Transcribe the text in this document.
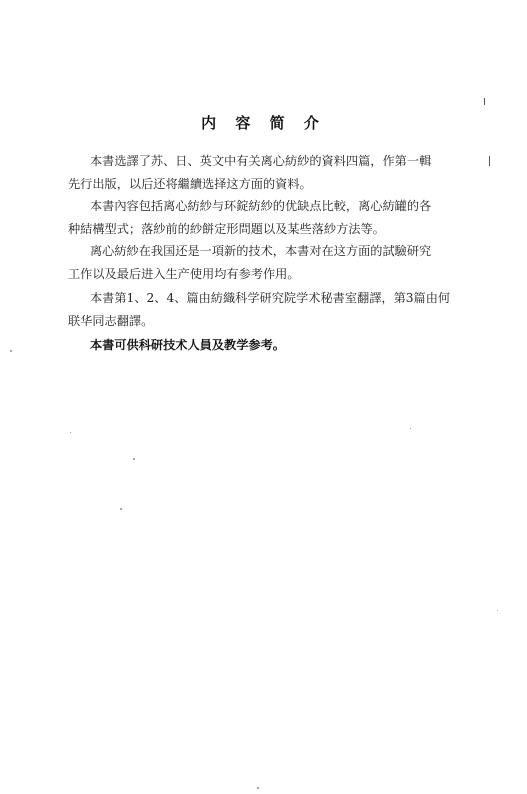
内 容 简 介
本書选譯了苏、日、英文中有关离心紡紗的資料四篇，作第一輯
先行出版，以后还将繼續选择这方面的資料。
本書內容包括离心紡紗与环錠紡紗的优缺点比較，离心紡罐的各
种結構型式；落紗前的紗餅定形問題以及某些落紗方法等。
离心紡紗在我国还是一項新的技术，本書对在这方面的試驗研究
工作以及最后进入生产使用均有参考作用。
本書第1、2、4、篇由紡織科学研究院学术秘書室翻譯，第3篇由何
联华同志翻譯。
本書可供科研技术人員及教学参考。
